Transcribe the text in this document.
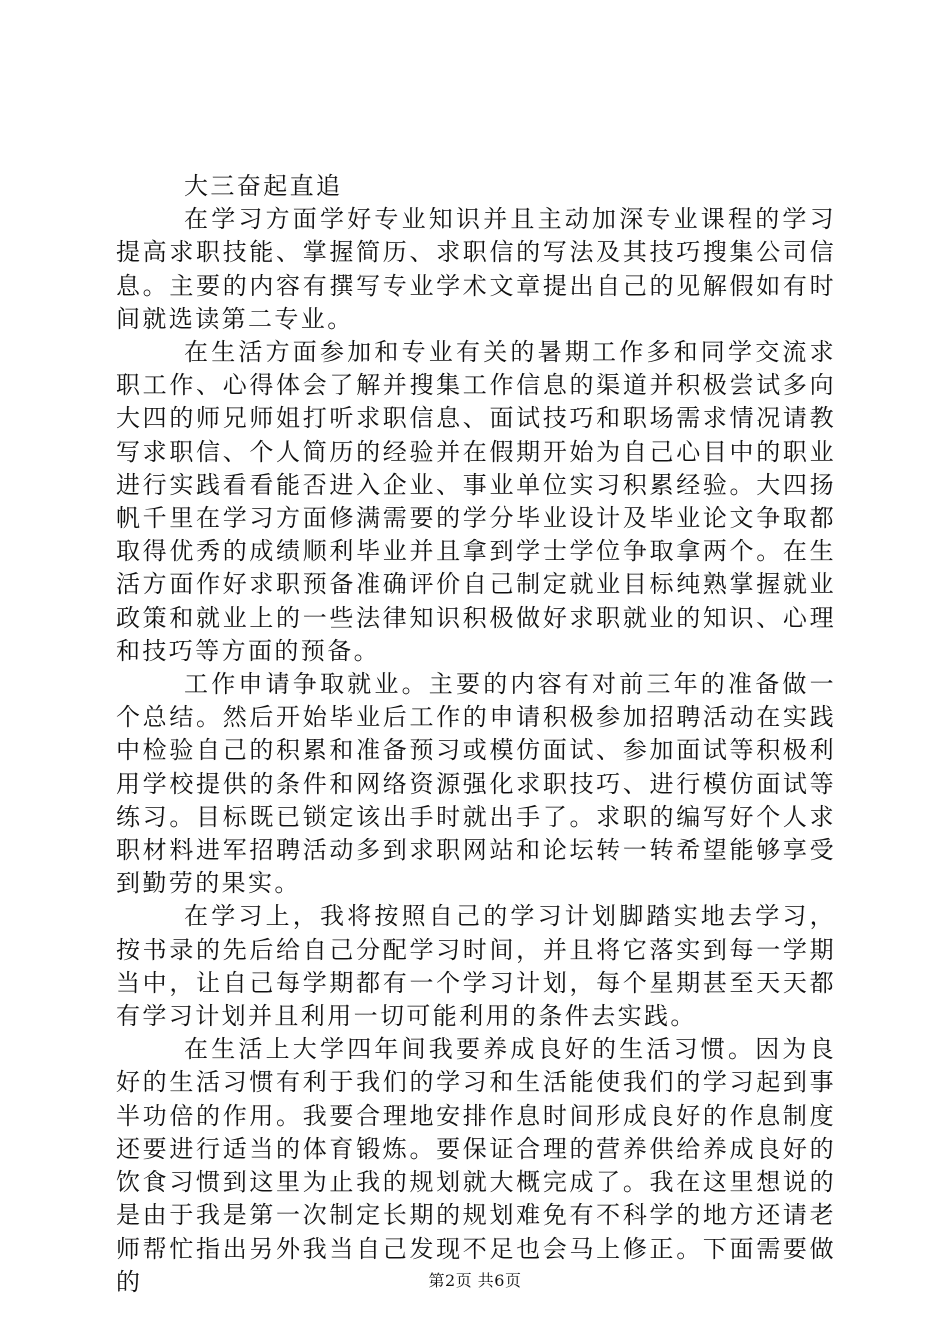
大三奋起直追

在学习方面学好专业知识并且主动加深专业课程的学习提高求职技能、掌握简历、求职信的写法及其技巧搜集公司信息。主要的内容有撰写专业学术文章提出自己的见解假如有时间就选读第二专业。

在生活方面参加和专业有关的暑期工作多和同学交流求职工作、心得体会了解并搜集工作信息的渠道并积极尝试多向大四的师兄师姐打听求职信息、面试技巧和职场需求情况请教写求职信、个人简历的经验并在假期开始为自己心目中的职业进行实践看看能否进入企业、事业单位实习积累经验。大四扬帆千里在学习方面修满需要的学分毕业设计及毕业论文争取都取得优秀的成绩顺利毕业并且拿到学士学位争取拿两个。在生活方面作好求职预备准确评价自己制定就业目标纯熟掌握就业政策和就业上的一些法律知识积极做好求职就业的知识、心理和技巧等方面的预备。

工作申请争取就业。主要的内容有对前三年的准备做一个总结。然后开始毕业后工作的申请积极参加招聘活动在实践中检验自己的积累和准备预习或模仿面试、参加面试等积极利用学校提供的条件和网络资源强化求职技巧、进行模仿面试等练习。目标既已锁定该出手时就出手了。求职的编写好个人求职材料进军招聘活动多到求职网站和论坛转一转希望能够享受到勤劳的果实。

在学习上，我将按照自己的学习计划脚踏实地去学习，按书录的先后给自己分配学习时间，并且将它落实到每一学期当中，让自己每学期都有一个学习计划，每个星期甚至天天都有学习计划并且利用一切可能利用的条件去实践。

在生活上大学四年间我要养成良好的生活习惯。因为良好的生活习惯有利于我们的学习和生活能使我们的学习起到事半功倍的作用。我要合理地安排作息时间形成良好的作息制度还要进行适当的体育锻炼。要保证合理的营养供给养成良好的饮食习惯到这里为止我的规划就大概完成了。我在这里想说的是由于我是第一次制定长期的规划难免有不科学的地方还请老师帮忙指出另外我当自己发现不足也会马上修正。下面需要做的	第2页 共6页
